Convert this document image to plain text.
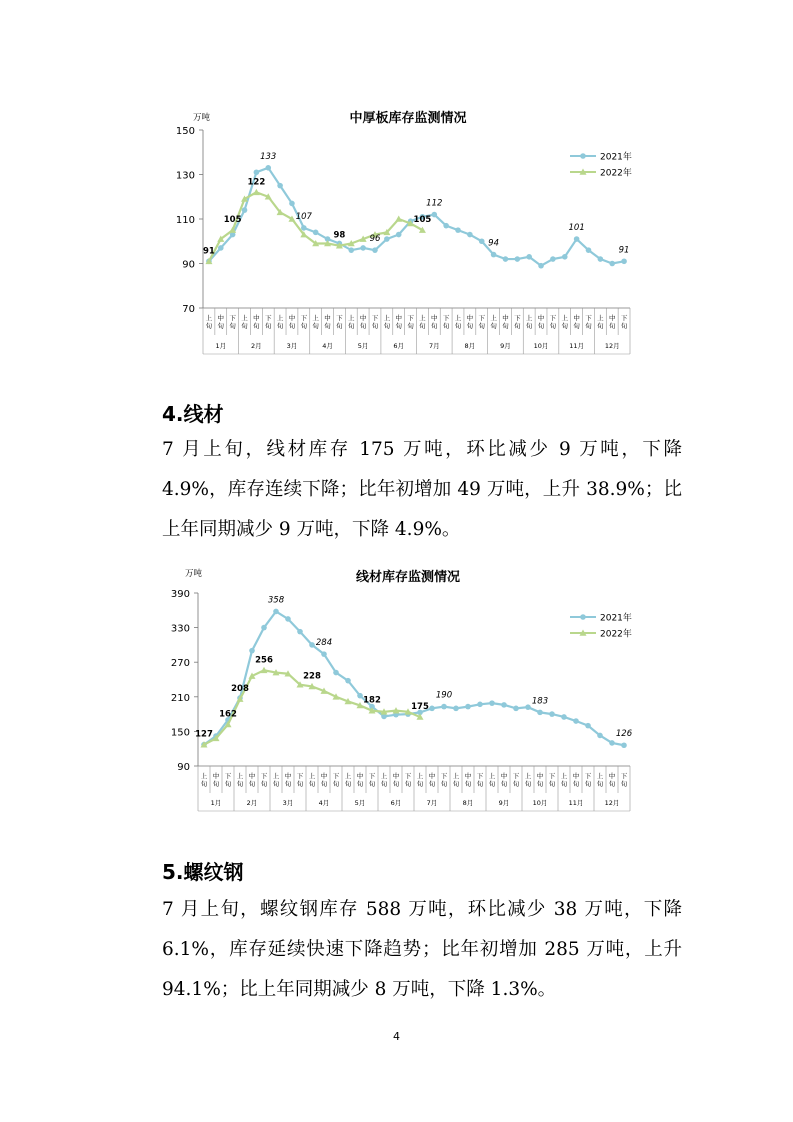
中厚板库存监测情况
万吨
70
90
110
130
150
上旬
中旬
下旬
上旬
中旬
下旬
上旬
中旬
下旬
上旬
中旬
下旬
上旬
中旬
下旬
上旬
中旬
下旬
上旬
中旬
下旬
上旬
中旬
下旬
上旬
中旬
下旬
上旬
中旬
下旬
上旬
中旬
下旬
上旬
中旬
下旬
1月	2月	3月	4月	5月	6月	7月	8月	9月	10月	11月	12月
2021年
2022年
133
107
96
112
94
101
91
91
105
122
98
105
4.线材

7 月上旬，线材库存 175 万吨，环比减少 9 万吨，下降 4.9%，库存连续下降；比年初增加 49 万吨，上升 38.9%；比上年同期减少 9 万吨，下降 4.9%。

线材库存监测情况
万吨
90
150
210
270
330
390
上旬
中旬
下旬
上旬
中旬
下旬
上旬
中旬
下旬
上旬
中旬
下旬
上旬
中旬
下旬
上旬
中旬
下旬
上旬
中旬
下旬
上旬
中旬
下旬
上旬
中旬
下旬
上旬
中旬
下旬
上旬
中旬
下旬
上旬
中旬
下旬
1月	2月	3月	4月	5月	6月	7月	8月	9月	10月	11月	12月
2021年
2022年
358
284
190
183
126
127
162
208
256
228
182
175
5.螺纹钢

7 月上旬，螺纹钢库存 588 万吨，环比减少 38 万吨，下降 6.1%，库存延续快速下降趋势；比年初增加 285 万吨，上升 94.1%；比上年同期减少 8 万吨，下降 1.3%。

4
